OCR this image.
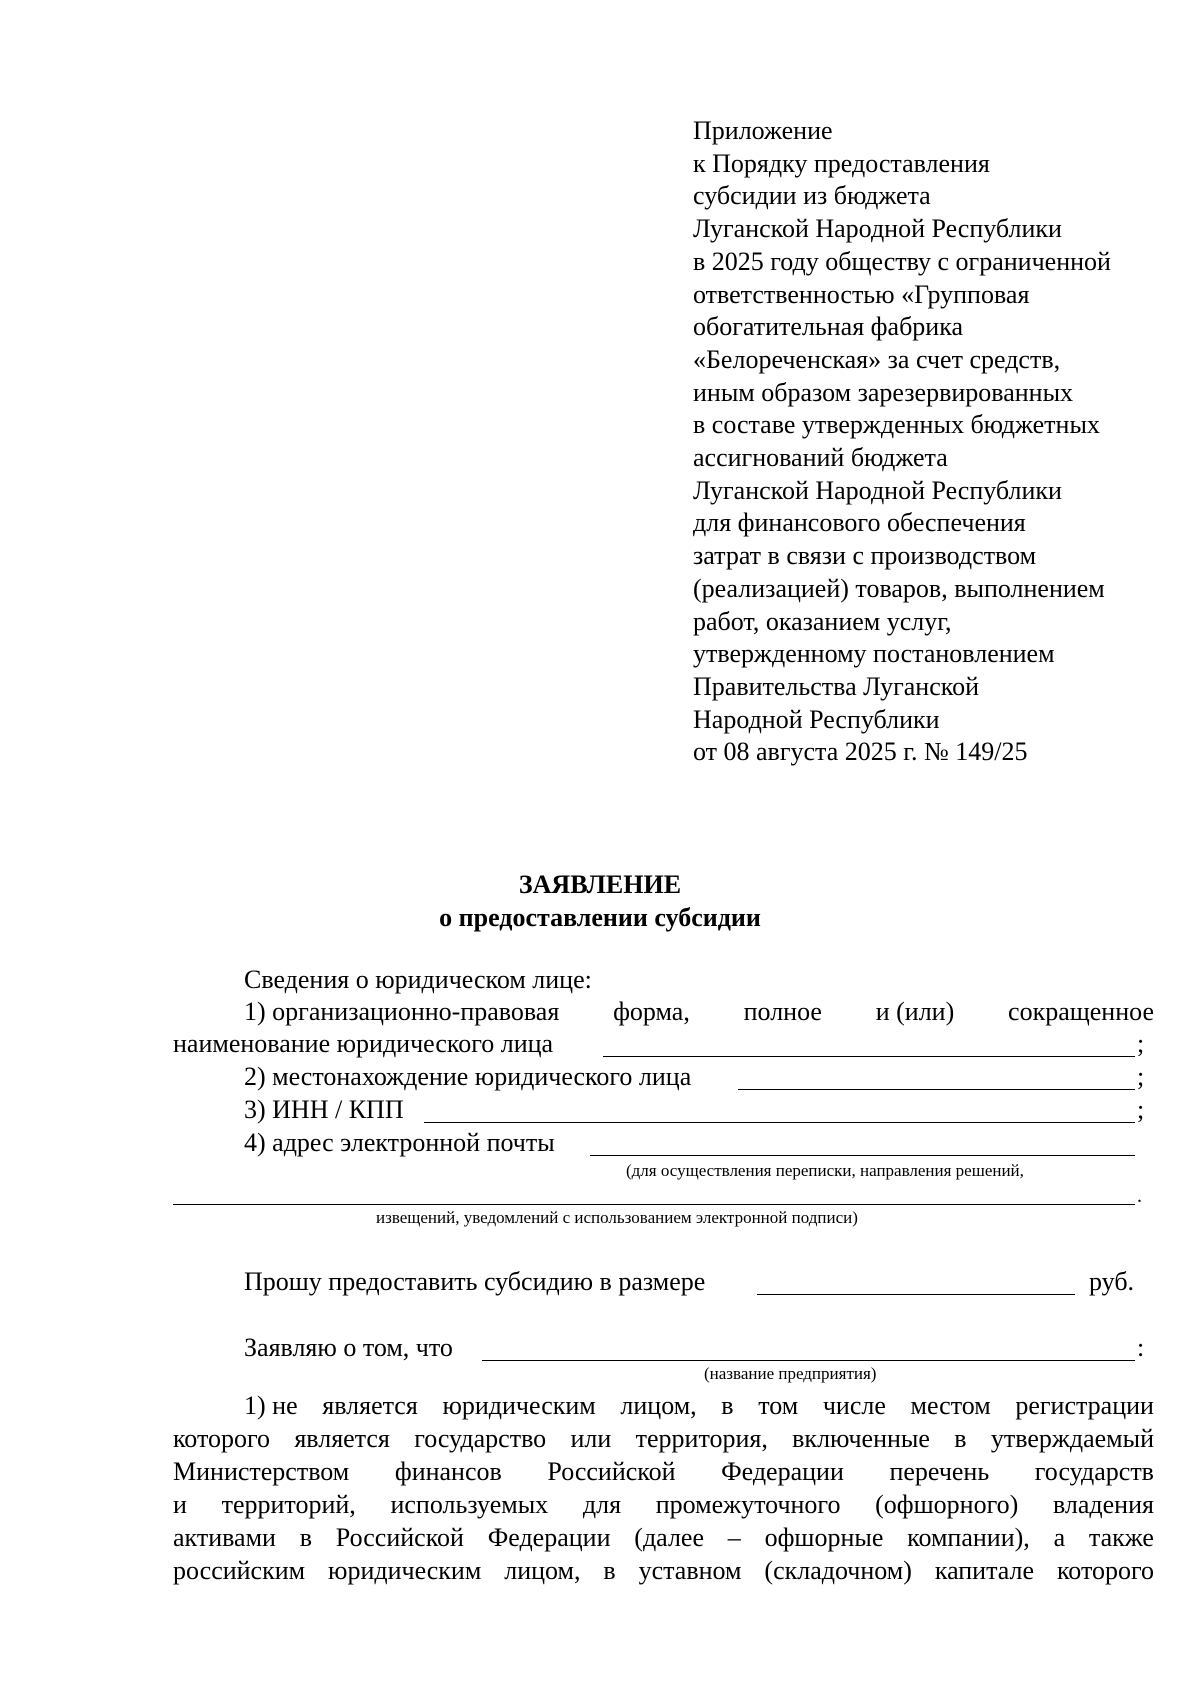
Приложение
к Порядку предоставления
субсидии из бюджета
Луганской Народной Республики
в 2025 году обществу с ограниченной
ответственностью «Групповая
обогатительная фабрика
«Белореченская» за счет средств,
иным образом зарезервированных
в составе утвержденных бюджетных
ассигнований бюджета
Луганской Народной Республики
для финансового обеспечения
затрат в связи с производством
(реализацией) товаров, выполнением
работ, оказанием услуг,
утвержденному постановлением
Правительства Луганской
Народной Республики
от 08 августа 2025 г. № 149/25
ЗАЯВЛЕНИЕ
о предоставлении субсидии
Сведения о юридическом лице:
1) организационно-правовая форма, полное и (или) сокращенное
наименование юридического лица	;
2) местонахождение юридического лица	;
3) ИНН / КПП	;
4) адрес электронной почты
(для осуществления переписки, направления решений,
.
извещений, уведомлений с использованием электронной подписи)
Прошу предоставить субсидию в размере	руб.
Заявляю о том, что	:
(название предприятия)
1) не является юридическим лицом, в том числе местом регистрации
которого является государство или территория, включенные в утверждаемый
Министерством финансов Российской Федерации перечень государств
и территорий, используемых для промежуточного (офшорного) владения
активами в Российской Федерации (далее – офшорные компании), а также
российским юридическим лицом, в уставном (складочном) капитале которого
